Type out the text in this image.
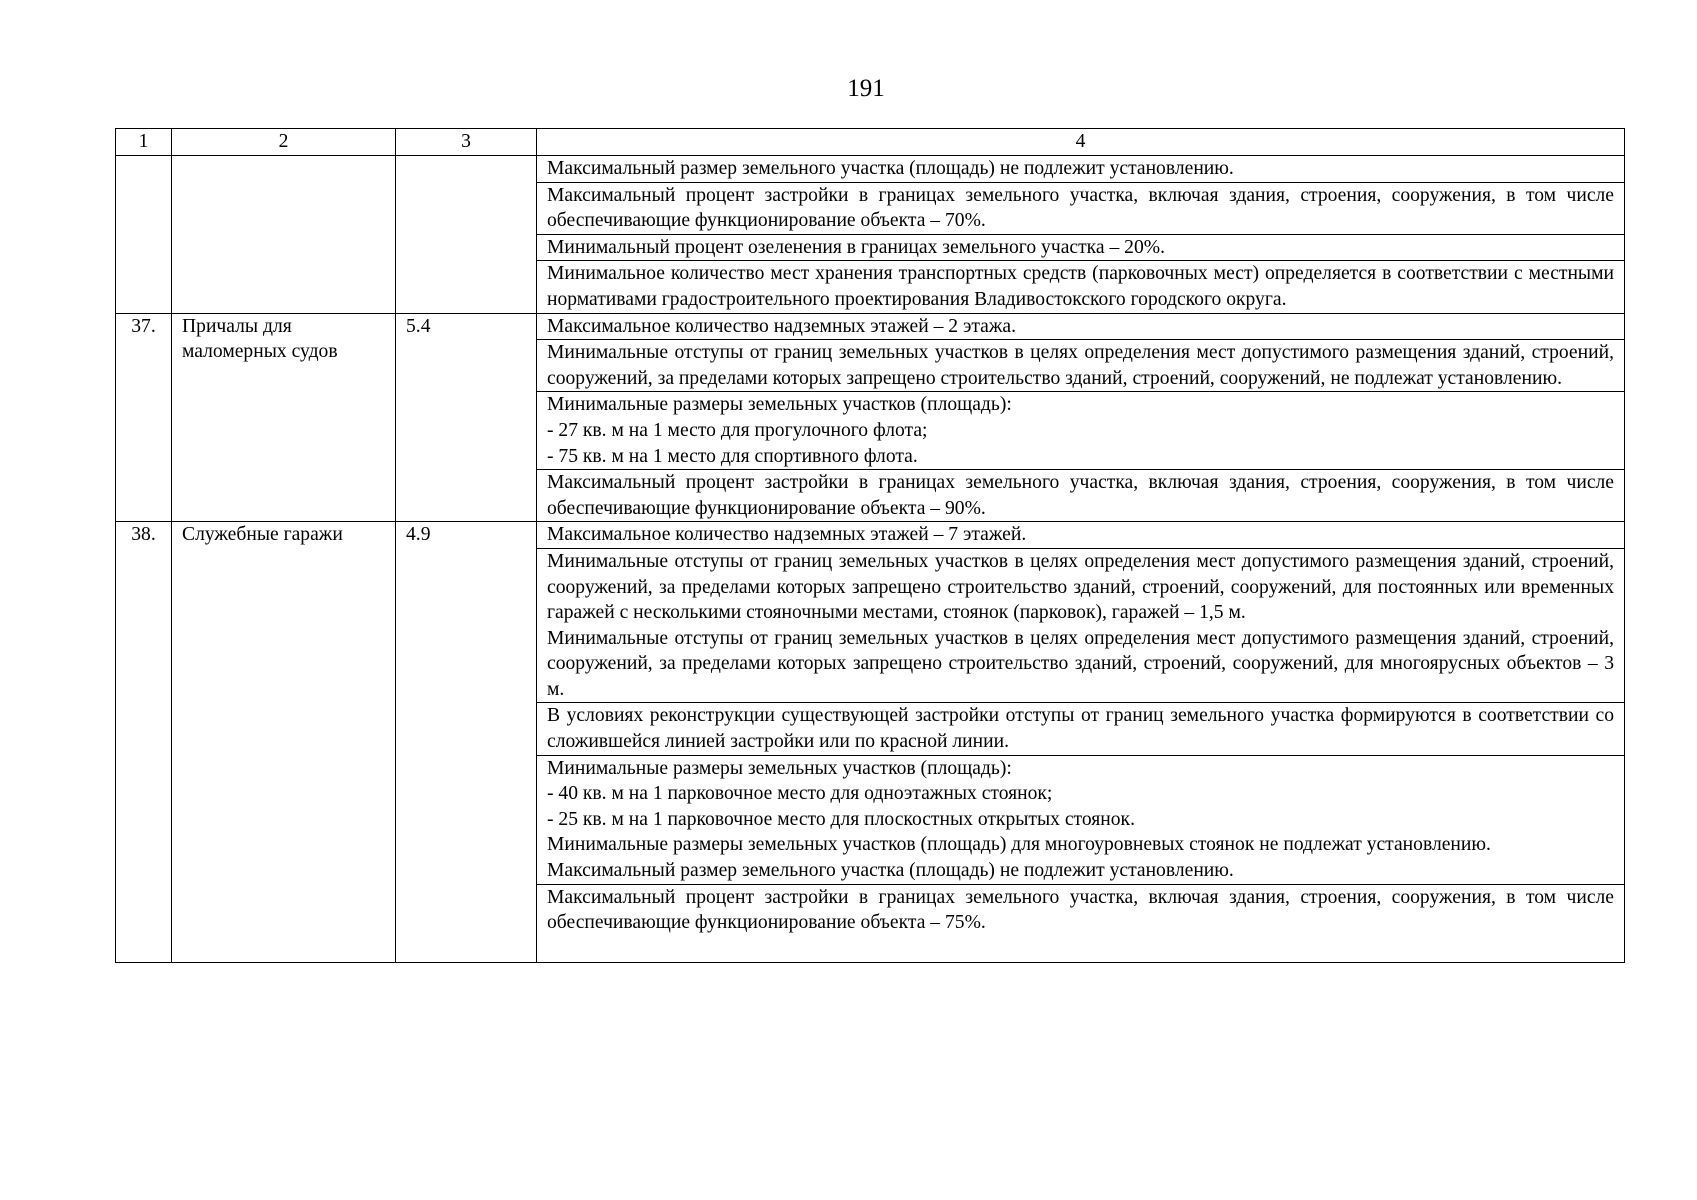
191
1	2	3	4
			Максимальный размер земельного участка (площадь) не подлежит установлению.
			Максимальный процент застройки в границах земельного участка, включая здания, строения, сооружения, в том числе обеспечивающие функционирование объекта – 70%.
			Минимальный процент озеленения в границах земельного участка – 20%.
			Минимальное количество мест хранения транспортных средств (парковочных мест) определяется в соответствии с местными нормативами градостроительного проектирования Владивостокского городского округа.
37.	Причалы для маломерных судов	5.4	Максимальное количество надземных этажей – 2 этажа.
			Минимальные отступы от границ земельных участков в целях определения мест допустимого размещения зданий, строений, сооружений, за пределами которых запрещено строительство зданий, строений, сооружений, не подлежат установлению.

			Минимальные размеры земельных участков (площадь):
- 27 кв. м на 1 место для прогулочного флота;
- 75 кв. м на 1 место для спортивного флота.

			Максимальный процент застройки в границах земельного участка, включая здания, строения, сооружения, в том числе обеспечивающие функционирование объекта – 90%.
38.	Служебные гаражи	4.9	Максимальное количество надземных этажей – 7 этажей.

			Минимальные отступы от границ земельных участков в целях определения мест допустимого размещения зданий, строений, сооружений, за пределами которых запрещено строительство зданий, строений, сооружений, для постоянных или временных гаражей с несколькими стояночными местами, стоянок (парковок), гаражей – 1,5 м.
Минимальные отступы от границ земельных участков в целях определения мест допустимого размещения зданий, строений, сооружений, за пределами которых запрещено строительство зданий, строений, сооружений, для многоярусных объектов – 3 м.

			В условиях реконструкции существующей застройки отступы от границ земельного участка формируются в соответствии со сложившейся линией застройки или по красной линии.

			Минимальные размеры земельных участков (площадь):
- 40 кв. м на 1 парковочное место для одноэтажных стоянок;
- 25 кв. м на 1 парковочное место для плоскостных открытых стоянок.
Минимальные размеры земельных участков (площадь) для многоуровневых стоянок не подлежат установлению.
Максимальный размер земельного участка (площадь) не подлежит установлению.

			Максимальный процент застройки в границах земельного участка, включая здания, строения, сооружения, в том числе обеспечивающие функционирование объекта – 75%.
